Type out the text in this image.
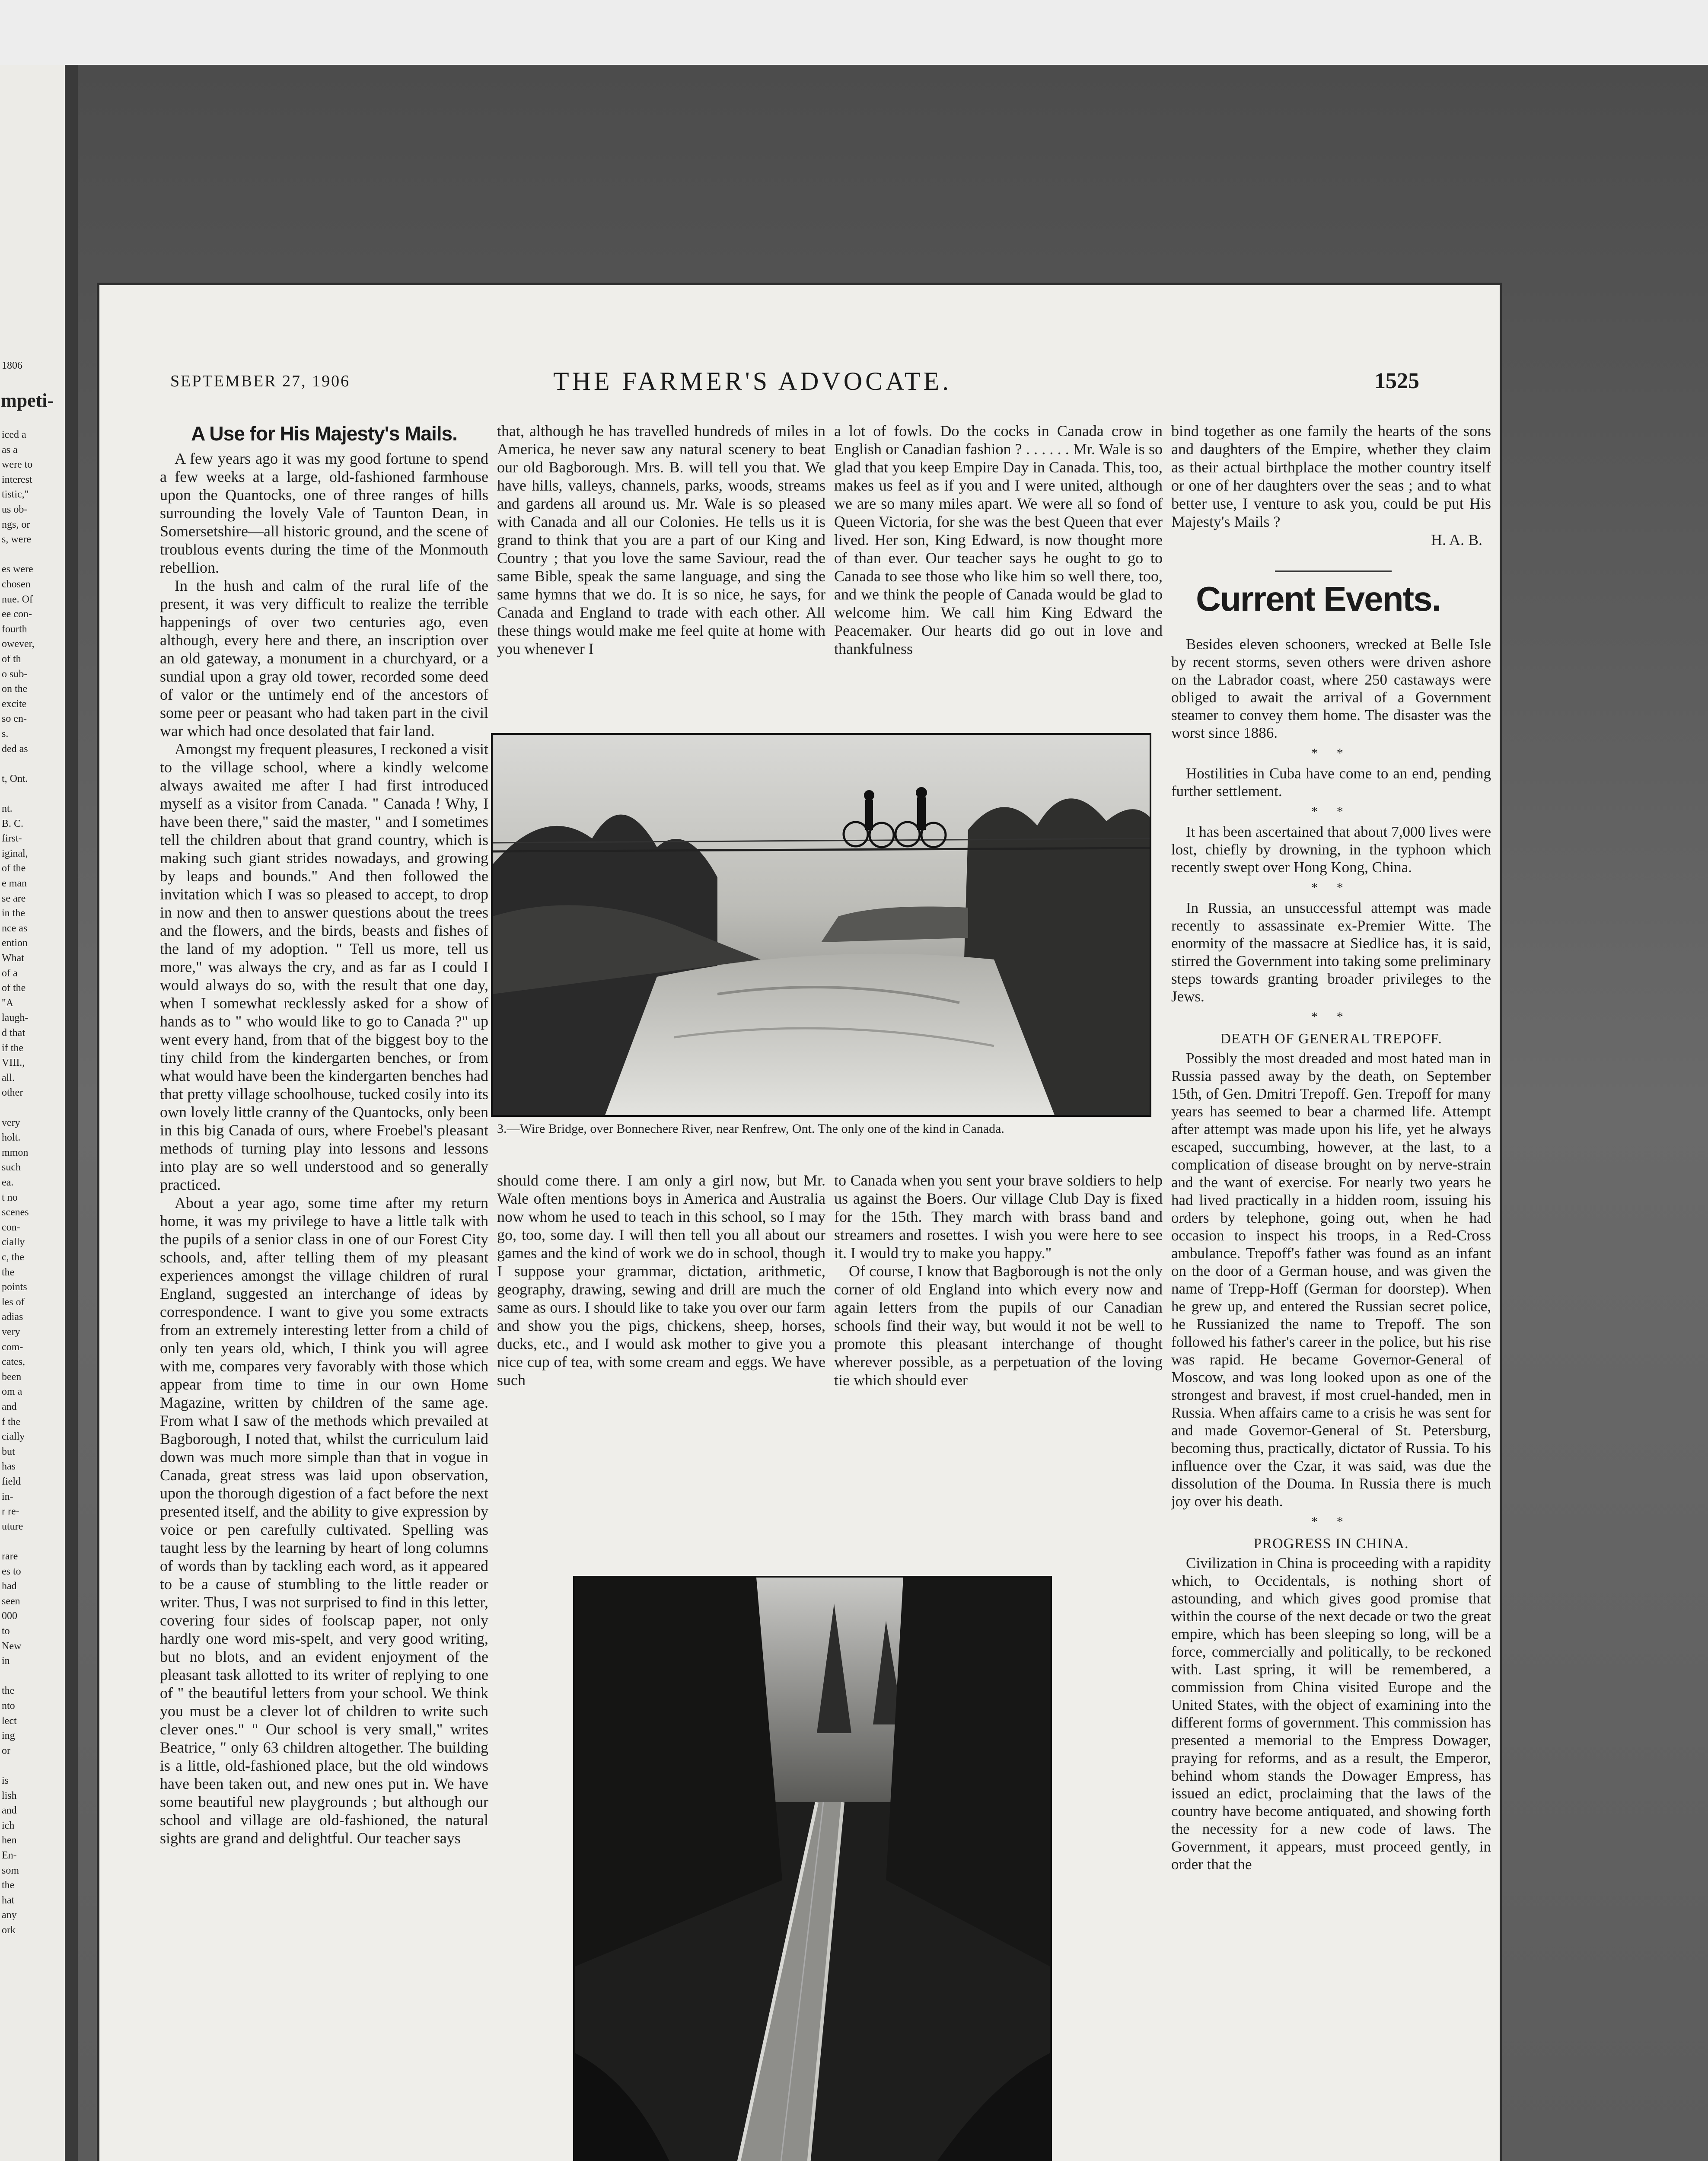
1806
mpeti-
iced a
as a
were to
interest
tistic,"
us ob-
ngs, or
s, were
es were
chosen
nue. Of
ee con-
fourth
owever,
of th
o sub-
on the
excite
so en-
s.
ded as
t, Ont.
nt.
B. C.
first-
iginal,
of the
e man
se are
in the
nce as
ention
What
of a
of the
"A
laugh-
d that
if the
VIII.,
all.
other
very
holt.
mmon
such
ea.
t no
scenes
con-
cially
c, the
the
points
les of
adias
very
com-
cates,
been
om a
and
f the
cially
but
has
field
in-
r re-
uture
rare
es to
had
seen
000
to
New
in
the
nto
lect
ing
or
is
lish
and
ich
hen
En-
som
the
hat
any
ork
SEPTEMBER 27, 1906	THE FARMER'S ADVOCATE.	1525
A Use for His Majesty's Mails.

A few years ago it was my good fortune to spend a few weeks at a large, old-fashioned farmhouse upon the Quantocks, one of three ranges of hills surrounding the lovely Vale of Taunton Dean, in Somersetshire—all historic ground, and the scene of troublous events during the time of the Monmouth rebellion.

In the hush and calm of the rural life of the present, it was very difficult to realize the terrible happenings of over two centuries ago, even although, every here and there, an inscription over an old gateway, a monument in a churchyard, or a sundial upon a gray old tower, recorded some deed of valor or the untimely end of the ancestors of some peer or peasant who had taken part in the civil war which had once desolated that fair land.

Amongst my frequent pleasures, I reckoned a visit to the village school, where a kindly welcome always awaited me after I had first introduced myself as a visitor from Canada. " Canada ! Why, I have been there," said the master, " and I sometimes tell the children about that grand country, which is making such giant strides nowadays, and growing by leaps and bounds." And then followed the invitation which I was so pleased to accept, to drop in now and then to answer questions about the trees and the flowers, and the birds, beasts and fishes of the land of my adoption. " Tell us more, tell us more," was always the cry, and as far as I could I would always do so, with the result that one day, when I somewhat recklessly asked for a show of hands as to " who would like to go to Canada ?" up went every hand, from that of the biggest boy to the tiny child from the kindergarten benches, or from what would have been the kindergarten benches had that pretty village schoolhouse, tucked cosily into its own lovely little cranny of the Quantocks, only been in this big Canada of ours, where Froebel's pleasant methods of turning play into lessons and lessons into play are so well understood and so generally practiced.

About a year ago, some time after my return home, it was my privilege to have a little talk with the pupils of a senior class in one of our Forest City schools, and, after telling them of my pleasant experiences amongst the village children of rural England, suggested an interchange of ideas by correspondence. I want to give you some extracts from an extremely interesting letter from a child of only ten years old, which, I think you will agree with me, compares very favorably with those which appear from time to time in our own Home Magazine, written by children of the same age. From what I saw of the methods which prevailed at Bagborough, I noted that, whilst the curriculum laid down was much more simple than that in vogue in Canada, great stress was laid upon observation, upon the thorough digestion of a fact before the next presented itself, and the ability to give expression by voice or pen carefully cultivated. Spelling was taught less by the learning by heart of long columns of words than by tackling each word, as it appeared to be a cause of stumbling to the little reader or writer. Thus, I was not surprised to find in this letter, covering four sides of foolscap paper, not only hardly one word mis-spelt, and very good writing, but no blots, and an evident enjoyment of the pleasant task allotted to its writer of replying to one of " the beautiful letters from your school. We think you must be a clever lot of children to write such clever ones." " Our school is very small," writes Beatrice, " only 63 children altogether. The building is a little, old-fashioned place, but the old windows have been taken out, and new ones put in. We have some beautiful new playgrounds ; but although our school and village are old-fashioned, the natural sights are grand and delightful. Our teacher says

that, although he has travelled hundreds of miles in America, he never saw any natural scenery to beat our old Bagborough. Mrs. B. will tell you that. We have hills, valleys, channels, parks, woods, streams and gardens all around us. Mr. Wale is so pleased with Canada and all our Colonies. He tells us it is grand to think that you are a part of our King and Country ; that you love the same Saviour, read the same Bible, speak the same language, and sing the same hymns that we do. It is so nice, he says, for Canada and England to trade with each other. All these things would make me feel quite at home with you whenever I

a lot of fowls. Do the cocks in Canada crow in English or Canadian fashion ? . . . . . . Mr. Wale is so glad that you keep Empire Day in Canada. This, too, makes us feel as if you and I were united, although we are so many miles apart. We were all so fond of Queen Victoria, for she was the best Queen that ever lived. Her son, King Edward, is now thought more of than ever. Our teacher says he ought to go to Canada to see those who like him so well there, too, and we think the people of Canada would be glad to welcome him. We call him King Edward the Peacemaker. Our hearts did go out in love and thankfulness

3.—Wire Bridge, over Bonnechere River, near Renfrew, Ont. The only one of the kind in Canada.

should come there. I am only a girl now, but Mr. Wale often mentions boys in America and Australia now whom he used to teach in this school, so I may go, too, some day. I will then tell you all about our games and the kind of work we do in school, though I suppose your grammar, dictation, arithmetic, geography, drawing, sewing and drill are much the same as ours. I should like to take you over our farm and show you the pigs, chickens, sheep, horses, ducks, etc., and I would ask mother to give you a nice cup of tea, with some cream and eggs. We have such

to Canada when you sent your brave soldiers to help us against the Boers. Our village Club Day is fixed for the 15th. They march with brass band and streamers and rosettes. I wish you were here to see it. I would try to make you happy."

Of course, I know that Bagborough is not the only corner of old England into which every now and again letters from the pupils of our Canadian schools find their way, but would it not be well to promote this pleasant interchange of thought wherever possible, as a perpetuation of the loving tie which should ever

bind together as one family the hearts of the sons and daughters of the Empire, whether they claim as their actual birthplace the mother country itself or one of her daughters over the seas ; and to what better use, I venture to ask you, could be put His Majesty's Mails ?

H. A. B.

Current Events.

Besides eleven schooners, wrecked at Belle Isle by recent storms, seven others were driven ashore on the Labrador coast, where 250 castaways were obliged to await the arrival of a Government steamer to convey them home. The disaster was the worst since 1886.

* *

Hostilities in Cuba have come to an end, pending further settlement.

* *

It has been ascertained that about 7,000 lives were lost, chiefly by drowning, in the typhoon which recently swept over Hong Kong, China.

* *

In Russia, an unsuccessful attempt was made recently to assassinate ex-Premier Witte. The enormity of the massacre at Siedlice has, it is said, stirred the Government into taking some preliminary steps towards granting broader privileges to the Jews.

* *

DEATH OF GENERAL TREPOFF.

Possibly the most dreaded and most hated man in Russia passed away by the death, on September 15th, of Gen. Dmitri Trepoff. Gen. Trepoff for many years has seemed to bear a charmed life. Attempt after attempt was made upon his life, yet he always escaped, succumbing, however, at the last, to a complication of disease brought on by nerve-strain and the want of exercise. For nearly two years he had lived practically in a hidden room, issuing his orders by telephone, going out, when he had occasion to inspect his troops, in a Red-Cross ambulance. Trepoff's father was found as an infant on the door of a German house, and was given the name of Trepp-Hoff (German for doorstep). When he grew up, and entered the Russian secret police, he Russianized the name to Trepoff. The son followed his father's career in the police, but his rise was rapid. He became Governor-General of Moscow, and was long looked upon as one of the strongest and bravest, if most cruel-handed, men in Russia. When affairs came to a crisis he was sent for and made Governor-General of St. Petersburg, becoming thus, practically, dictator of Russia. To his influence over the Czar, it was said, was due the dissolution of the Douma. In Russia there is much joy over his death.

* *

PROGRESS IN CHINA.

Civilization in China is proceeding with a rapidity which, to Occidentals, is nothing short of astounding, and which gives good promise that within the course of the next decade or two the great empire, which has been sleeping so long, will be a force, commercially and politically, to be reckoned with. Last spring, it will be remembered, a commission from China visited Europe and the United States, with the object of examining into the different forms of government. This commission has presented a memorial to the Empress Dowager, praying for reforms, and as a result, the Emperor, behind whom stands the Dowager Empress, has issued an edict, proclaiming that the laws of the country have become antiquated, and showing forth the necessity for a new code of laws. The Government, it appears, must proceed gently, in order that the
